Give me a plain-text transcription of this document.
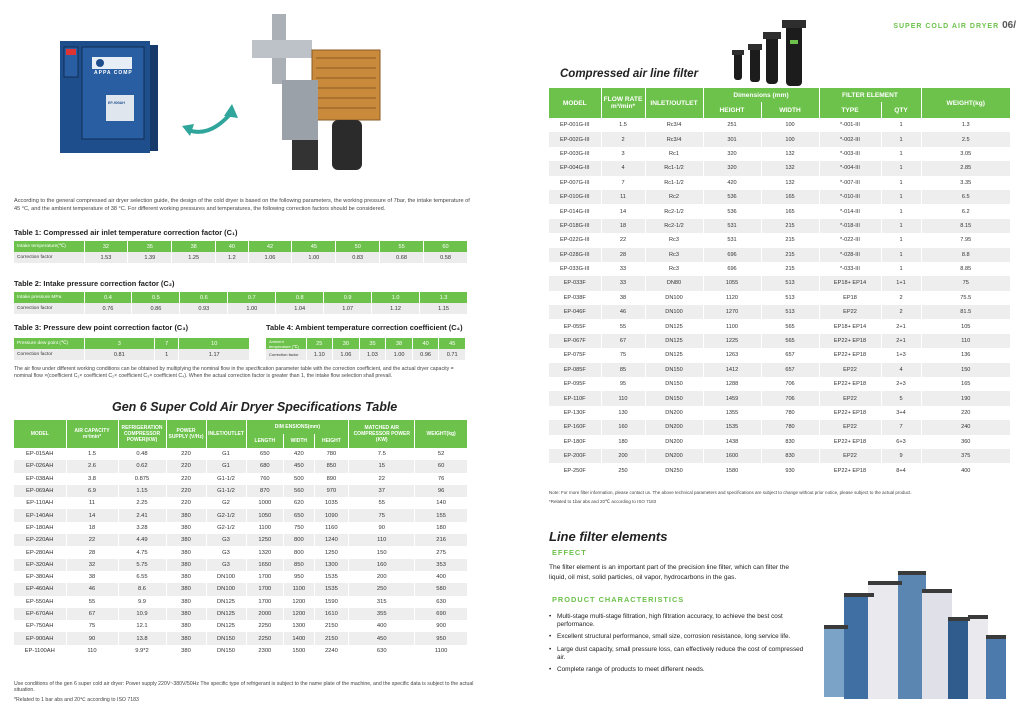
SUPER COLD AIR DRYER 06/
APPA COMP
EP-900AH
According to the general compressed air dryer selection guide, the design of the cold dryer is based on the following parameters, the working pressure of 7bar, the intake temperature of 45 °C, and the ambient temperature of 38 °C. For different working pressures and temperatures, the following correction factors should be considered.
Table 1: Compressed air inlet temperature correction factor (C₁)
Intake temperature(℃)	32	35	38	40	42	45	50	55	60
Correction factor	1.53	1.39	1.25	1.2	1.06	1.00	0.83	0.68	0.58
Table 2: Intake pressure correction factor (C₂)
Intake pressure MPa	0.4	0.5	0.6	0.7	0.8	0.9	1.0	1.3
Correction factor	0.76	0.86	0.93	1.00	1.04	1.07	1.12	1.15
Table 3: Pressure dew point correction factor (C₃)
Pressure dew point (℃)	3	7	10
Correction factor	0.81	1	1.17
Table 4: Ambient temperature correction coefficient (C₄)
Ambient temperature (℃)	25	30	35	38	40	45
Correction factor	1.10	1.06	1.03	1.00	0.96	0.71
The air flow under different working conditions can be obtained by multiplying the nominal flow in the specification parameter table with the correction coefficient, and the actual dryer capacity = nominal flow ×(coefficient C₁× coefficient C₂× coefficient C₃× coefficient C₄). When the actual correction factor is greater than 1, the intake flow selection shall prevail.
Gen 6 Super Cold Air Dryer Specifications Table
MODEL	AIR CAPACITY m³/min*	REFRIGERATION COMPRESSOR POWER(KW)	POWER SUPPLY (V/Hz)	INLET/OUTLET	DIM ENSIONS(mm)			MATCHED AIR COMPRESSOR POWER (KW)	WEIGHT(kg)
					LENGTH	WIDTH	HEIGHT		
EP-015AH	1.5	0.48	220	G1	650	420	780	7.5	52
EP-026AH	2.6	0.62	220	G1	680	450	850	15	60
EP-038AH	3.8	0.875	220	G1-1/2	760	500	890	22	76
EP-069AH	6.9	1.15	220	G1-1/2	870	560	970	37	96
EP-110AH	11	2.25	220	G2	1000	620	1035	55	140
EP-140AH	14	2.41	380	G2-1/2	1050	650	1090	75	155
EP-180AH	18	3.28	380	G2-1/2	1100	750	1160	90	180
EP-220AH	22	4.49	380	G3	1250	800	1240	110	216
EP-280AH	28	4.75	380	G3	1320	800	1250	150	275
EP-320AH	32	5.75	380	G3	1650	850	1300	160	353
EP-380AH	38	6.55	380	DN100	1700	950	1535	200	400
EP-460AH	46	8.6	380	DN100	1700	1100	1535	250	580
EP-550AH	55	9.9	380	DN125	1700	1200	1590	315	630
EP-670AH	67	10.9	380	DN125	2000	1200	1610	355	690
EP-750AH	75	12.1	380	DN125	2250	1300	2150	400	900
EP-900AH	90	13.8	380	DN150	2250	1400	2150	450	950
EP-1100AH	110	9.9*2	380	DN150	2300	1500	2240	630	1100
Use conditions of the gen 6 super cold air dryer: Power supply 220V~380V/50Hz The specific type of refrigerant is subject to the name plate of the machine, and the specific data is subject to the actual situation.
*Related to 1 bar abs and 20℃ according to ISO 7183
Compressed air line filter
MODEL	FLOW RATE m³/min*	INLET/OUTLET	Dimensions (mm)		FILTER ELEMENT		WEIGHT(kg)
			HEIGHT	WIDTH	TYPE	QTY	
EP-001G-III	1.5	Rc3/4	251	100	*-001-III	1	1.3
EP-002G-III	2	Rc3/4	301	100	*-002-III	1	2.5
EP-003G-III	3	Rc1	320	132	*-003-III	1	3.05
EP-004G-III	4	Rc1-1/2	320	132	*-004-III	1	2.85
EP-007G-III	7	Rc1-1/2	420	132	*-007-III	1	3.35
EP-010G-III	11	Rc2	536	165	*-010-III	1	6.5
EP-014G-III	14	Rc2-1/2	536	165	*-014-III	1	6.2
EP-018G-III	18	Rc2-1/2	531	215	*-018-III	1	8.15
EP-022G-III	22	Rc3	531	215	*-022-III	1	7.95
EP-028G-III	28	Rc3	696	215	*-028-III	1	8.8
EP-033G-III	33	Rc3	696	215	*-033-III	1	8.85
EP-033F	33	DN80	1055	513	EP18+ EP14	1+1	75
EP-038F	38	DN100	1120	513	EP18	2	75.5
EP-046F	46	DN100	1270	513	EP22	2	81.5
EP-055F	55	DN125	1100	565	EP18+ EP14	2+1	105
EP-067F	67	DN125	1225	565	EP22+ EP18	2+1	110
EP-075F	75	DN125	1263	657	EP22+ EP18	1+3	136
EP-085F	85	DN150	1412	657	EP22	4	150
EP-095F	95	DN150	1288	706	EP22+ EP18	2+3	165
EP-110F	110	DN150	1459	706	EP22	5	190
EP-130F	130	DN200	1355	780	EP22+ EP18	3+4	220
EP-160F	160	DN200	1535	780	EP22	7	240
EP-180F	180	DN200	1438	830	EP22+ EP18	6+3	360
EP-200F	200	DN200	1600	830	EP22	9	375
EP-250F	250	DN250	1580	930	EP22+ EP18	8+4	400
Note: For more filter information, please contact us. The above technical parameters and specifications are subject to change without prior notice, please subject to the actual product.
*Related to 1bar abs and 20℃ according to ISO 7183
Line filter elements
EFFECT
The filter element is an important part of the precision line filter, which can filter the liquid, oil mist, solid particles, oil vapor, hydrocarbons in the gas.
PRODUCT CHARACTERISTICS
• Multi-stage multi-stage filtration, high filtration accuracy, to achieve the best cost performance.
• Excellent structural performance, small size, corrosion resistance, long service life.
• Large dust capacity, small pressure loss, can effectively reduce the cost of compressed air.
• Complete range of products to meet different needs.
